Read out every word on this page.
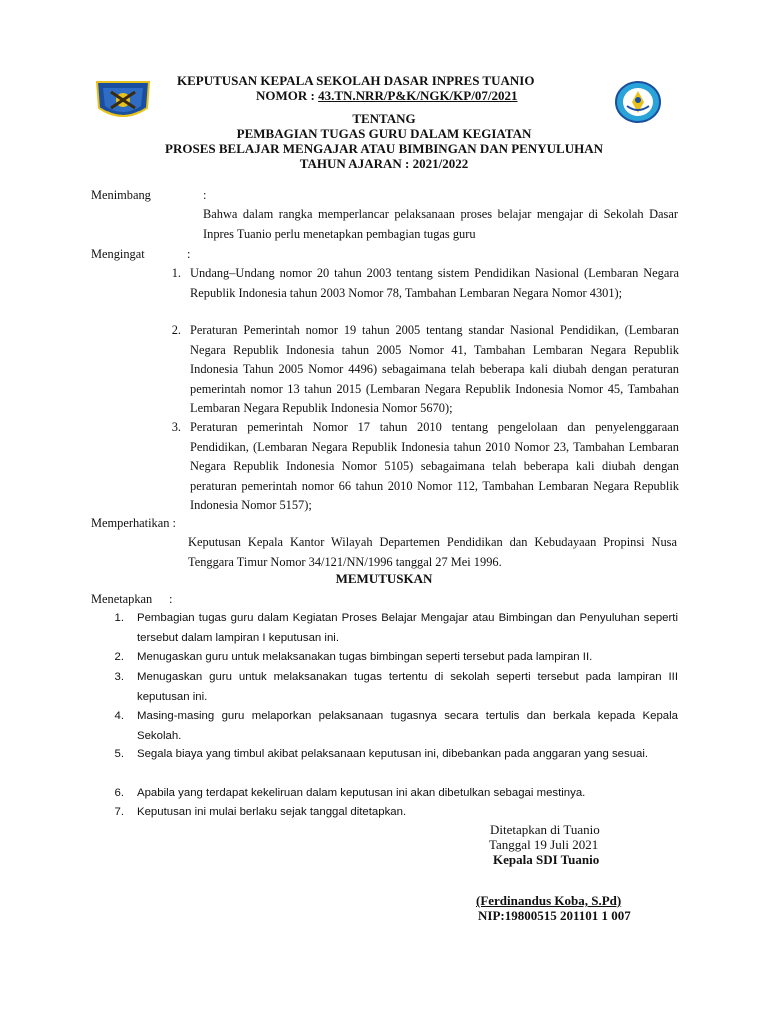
KEPUTUSAN KEPALA SEKOLAH DASAR INPRES TUANIO
NOMOR : 43.TN.NRR/P&K/NGK/KP/07/2021
TENTANG
PEMBAGIAN TUGAS GURU DALAM KEGIATAN
PROSES BELAJAR MENGAJAR ATAU BIMBINGAN DAN PENYULUHAN
TAHUN AJARAN : 2021/2022
Menimbang	:
Bahwa dalam rangka memperlancar pelaksanaan proses belajar mengajar di Sekolah Dasar Inpres Tuanio perlu menetapkan pembagian tugas guru
Mengingat	:
1. Undang–Undang nomor 20 tahun 2003 tentang sistem Pendidikan Nasional (Lembaran Negara Republik Indonesia tahun 2003 Nomor 78, Tambahan Lembaran Negara Nomor 4301);
2. Peraturan Pemerintah nomor 19 tahun 2005 tentang standar Nasional Pendidikan, (Lembaran Negara Republik Indonesia tahun 2005 Nomor 41, Tambahan Lembaran Negara Republik Indonesia Tahun 2005 Nomor 4496) sebagaimana telah beberapa kali diubah dengan peraturan pemerintah nomor 13 tahun 2015 (Lembaran Negara Republik Indonesia Nomor 45, Tambahan Lembaran Negara Republik Indonesia Nomor 5670);
3. Peraturan pemerintah Nomor 17 tahun 2010 tentang pengelolaan dan penyelenggaraan Pendidikan, (Lembaran Negara Republik Indonesia tahun 2010 Nomor 23, Tambahan Lembaran Negara Republik Indonesia Nomor 5105) sebagaimana telah beberapa kali diubah dengan peraturan pemerintah nomor 66 tahun 2010 Nomor 112, Tambahan Lembaran Negara Republik Indonesia Nomor 5157);
Memperhatikan :
Keputusan Kepala Kantor Wilayah Departemen Pendidikan dan Kebudayaan Propinsi Nusa Tenggara Timur Nomor 34/121/NN/1996 tanggal 27 Mei 1996.
MEMUTUSKAN
Menetapkan :
1. Pembagian tugas guru dalam Kegiatan Proses Belajar Mengajar atau Bimbingan dan Penyuluhan seperti tersebut dalam lampiran I keputusan ini.
2. Menugaskan guru untuk melaksanakan tugas bimbingan seperti tersebut pada lampiran II.
3. Menugaskan guru untuk melaksanakan tugas tertentu di sekolah seperti tersebut pada lampiran III keputusan ini.
4. Masing-masing guru melaporkan pelaksanaan tugasnya secara tertulis dan berkala kepada Kepala Sekolah.
5. Segala biaya yang timbul akibat pelaksanaan keputusan ini, dibebankan pada anggaran yang sesuai.
6. Apabila yang terdapat kekeliruan dalam keputusan ini akan dibetulkan sebagai mestinya.
7. Keputusan ini mulai berlaku sejak tanggal ditetapkan.
Ditetapkan di Tuanio
Tanggal 19 Juli 2021
Kepala SDI Tuanio
(Ferdinandus Koba, S.Pd)
NIP:19800515 201101 1 007
